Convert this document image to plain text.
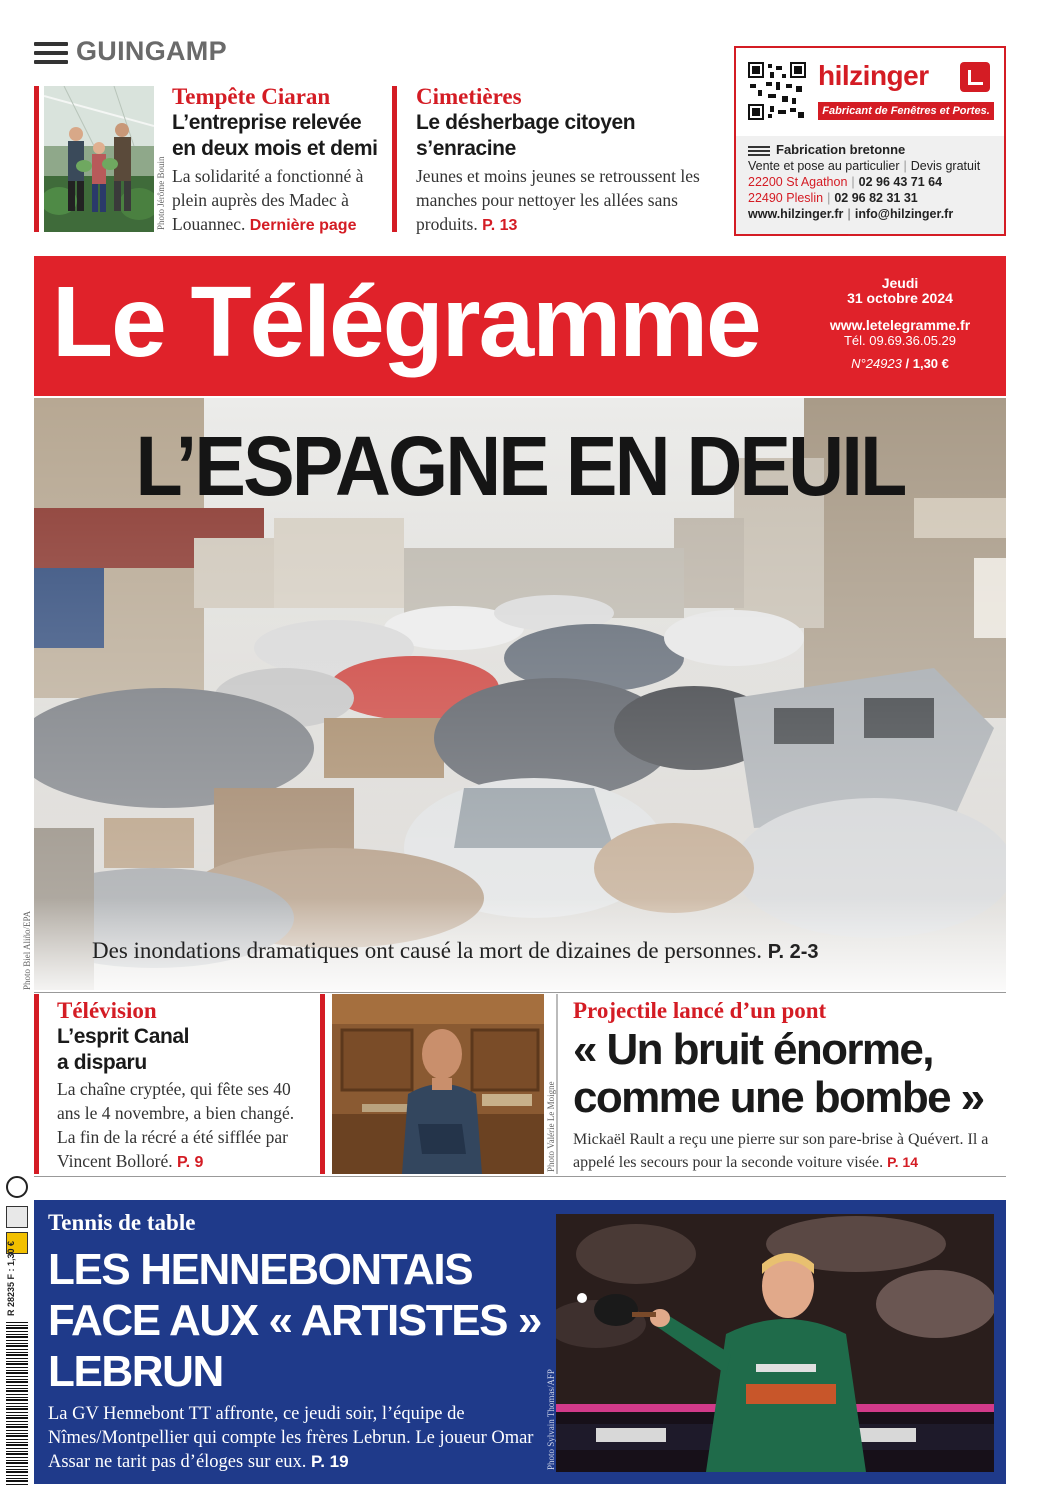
GUINGAMP
Photo Jérôme Bouin
Tempête Ciaran
L’entreprise relevée
en deux mois et demi
La solidarité a fonctionné à plein auprès des Madec à Louannec. Dernière page
Cimetières
Le désherbage citoyen
s’enracine
Jeunes et moins jeunes se retroussent les manches pour nettoyer les allées sans produits. P. 13
hilzinger
Fabricant de Fenêtres et Portes.
Fabrication bretonne
Vente et pose au particulier | Devis gratuit
22200 St Agathon | 02 96 43 71 64
22490 Pleslin | 02 96 82 31 31
www.hilzinger.fr | info@hilzinger.fr
Le Télégramme	Jeudi
31 octobre 2024
www.letelegramme.fr
Tél. 09.69.36.05.29
N°24923 / 1,30 €
L’ESPAGNE EN DEUIL
Des inondations dramatiques ont causé la mort de dizaines de personnes. P. 2-3
Photo Biel Aliño/EPA
Télévision
L’esprit Canal
a disparu
La chaîne cryptée, qui fête ses 40 ans le 4 novembre, a bien changé. La fin de la récré a été sifflée par Vincent Bolloré. P. 9	Photo Valérie Le Moigne
Projectile lancé d’un pont
« Un bruit énorme,
comme une bombe »
Mickaël Rault a reçu une pierre sur son pare-brise à Quévert. Il a appelé les secours pour la seconde voiture visée. P. 14
Tennis de table
LES HENNEBONTAIS
FACE AUX « ARTISTES »
LEBRUN
La GV Hennebont TT affronte, ce jeudi soir, l’équipe de Nîmes/Montpellier qui compte les frères Lebrun. Le joueur Omar Assar ne tarit pas d’éloges sur eux. P. 19	Photo Sylvain Thomas/AFP
R 28235 F : 1,30 €
